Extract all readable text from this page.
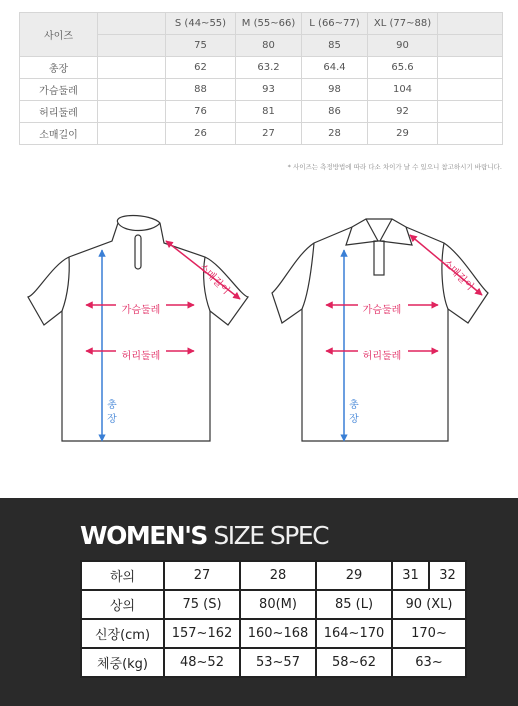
사이즈		S (44~55)	M (55~66)	L (66~77)	XL (77~88)	
		75	80	85	90	
총장		62	63.2	64.4	65.6	
가슴둘레		88	93	98	104	
허리둘레		76	81	86	92	
소매길이		26	27	28	29	
* 사이즈는 측정방법에 따라 다소 차이가 날 수 있으니 참고하시기 바랍니다.
가슴둘레
허리둘레
소매길이
총
장
가슴둘레
허리둘레
소매길이
총
장
WOMEN'S SIZE SPEC
하의	27	28	29	31	32
상의	75 (S)	80(M)	85 (L)	90 (XL)	
신장(cm)	157~162	160~168	164~170	170~	
체중(kg)	48~52	53~57	58~62	63~	
